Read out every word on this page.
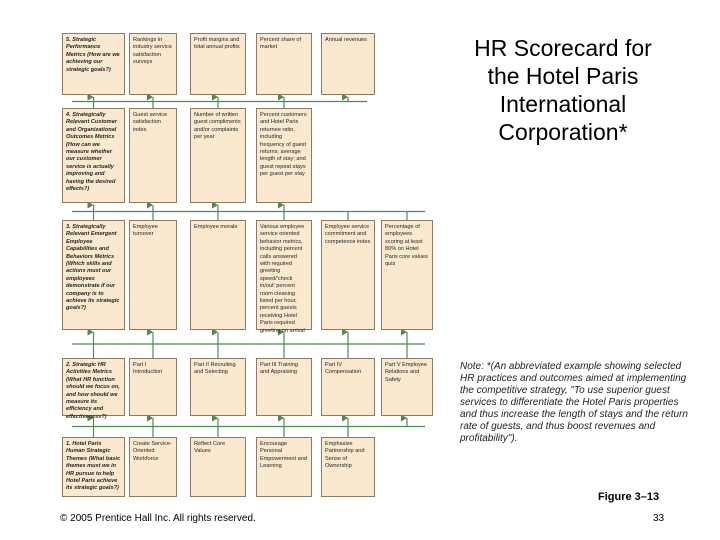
5. Strategic Performance Metrics (How are we achieving our strategic goals?)
Rankings in industry service satisfaction surveys
Profit margins and total annual profits
Percent share of market
Annual revenues
4. Strategically Relevant Customer and Organizational Outcomes Metrics (How can we measure whether our customer service is actually improving and having the desired effects?)
Guest service satisfaction index
Number of written guest compliments and/or complaints per year
Percent customers and Hotel Paris returnee ratio, including frequency of guest returns; average length of stay; and guest repeat stays per guest per stay
3. Strategically Relevant Emergent Employee Capabilities and Behaviors Metrics (Which skills and actions must our employees demonstrate if our company is to achieve its strategic goals?)
Employee turnover
Employee morale	Various employee service oriented behavior metrics, including percent calls answered with required greeting speed/'check in/out' percent room cleaning listed per hour, percent guests receiving Hotel Paris required greeting on arrival
Employee service commitment and competence index
Percentage of employees scoring at least 80% on Hotel Paris core values quiz
2. Strategic HR Activities Metrics (What HR function should we focus on, and how should we measure its efficiency and effectiveness?)
Part I Introduction
Part II Recruiting and Selecting
Part III Training and Appraising
Part IV Compensation
Part V Employee Relations and Safety
1. Hotel Paris Human Strategic Themes (What basic themes must we in HR pursue to help Hotel Paris achieve its strategic goals?)
Create Service-Oriented Workforce
Reflect Core Values
Encourage Personal Empowerment and Learning
Emphasize Partnership and Sense of Ownership
HR Scorecard for
the Hotel Paris
International
Corporation*
Note: *(An abbreviated example showing selected HR practices and outcomes aimed at implementing the competitive strategy, "To use superior guest services to differentiate the Hotel Paris properties and thus increase the length of stays and the return rate of guests, and thus boost revenues and profitability").
Figure 3–13
© 2005 Prentice Hall Inc. All rights reserved.	33
